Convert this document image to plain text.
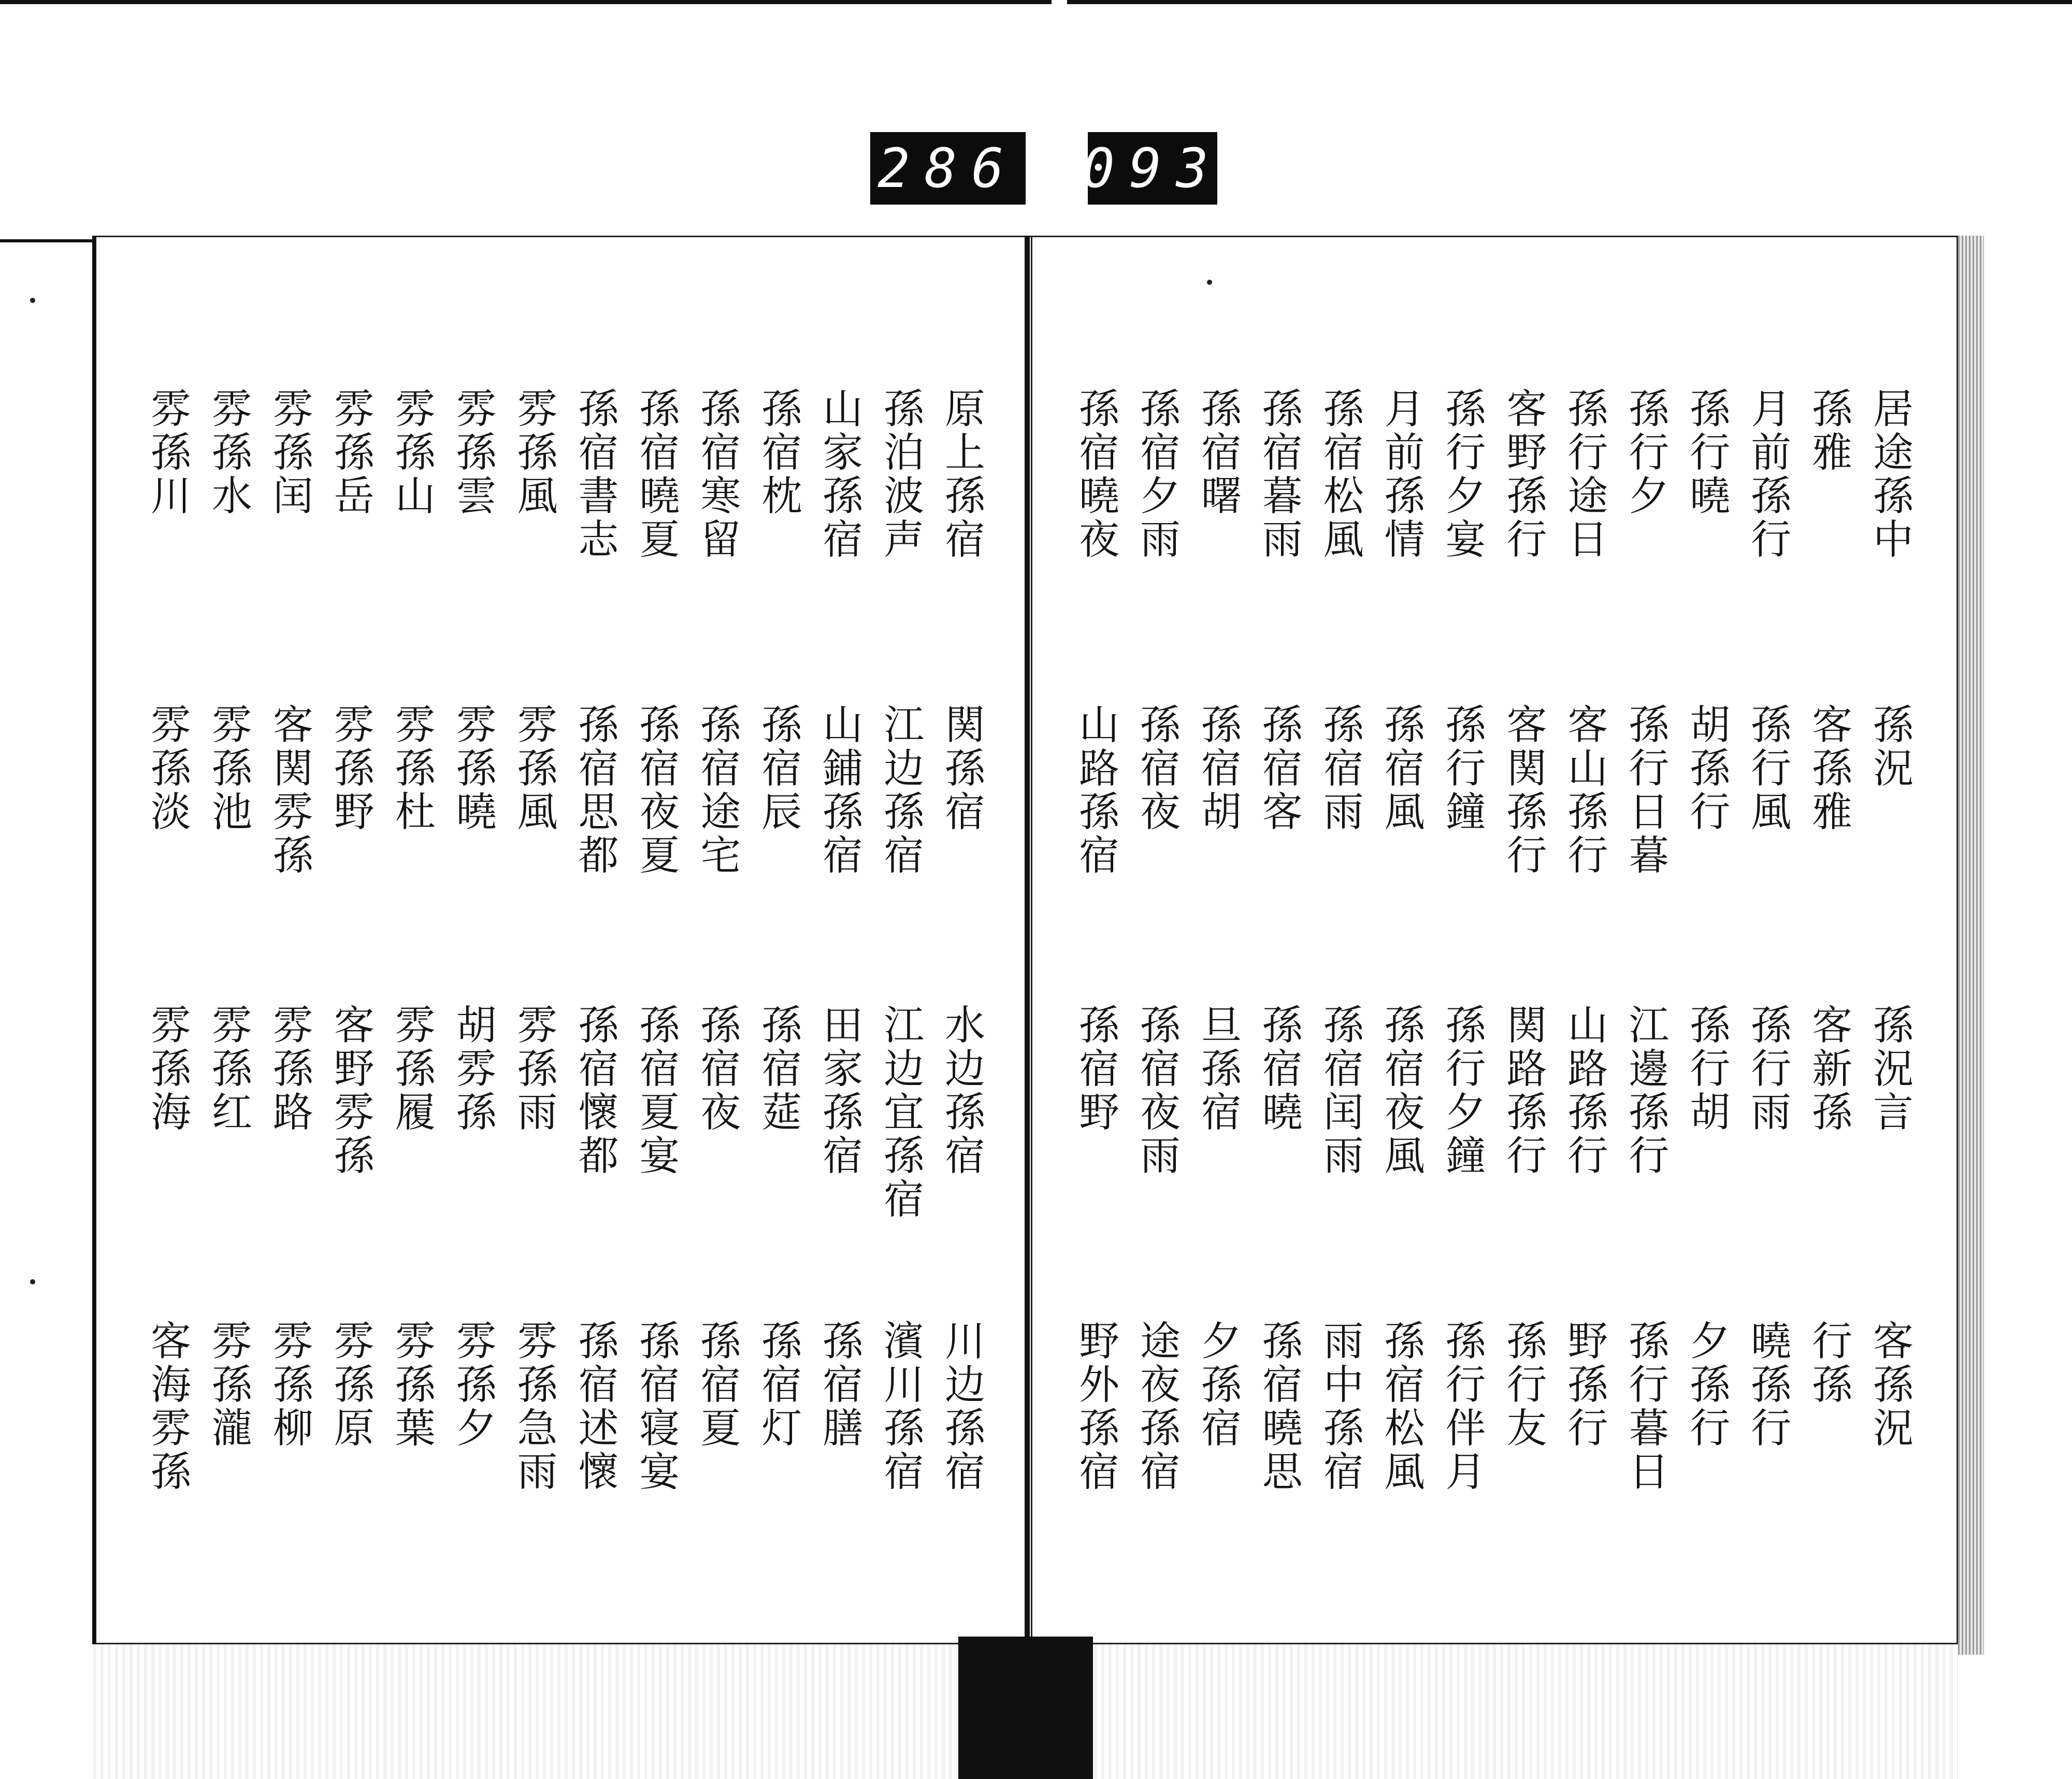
286 093
原上孫宿
孫泊波声
山家孫宿
孫宿枕
孫宿寒留
孫宿曉夏
孫宿書志
雰孫風
雰孫雲
雰孫山
雰孫岳
雰孫闰
雰孫水
雰孫川
関孫宿
江边孫宿
山鋪孫宿
孫宿辰
孫宿途宅
孫宿夜夏
孫宿思都
雰孫風
雰孫曉
雰孫杜
雰孫野
客関雰孫
雰孫池
雰孫淡
水边孫宿
江边宜孫宿
田家孫宿
孫宿莚
孫宿夜
孫宿夏宴
孫宿懷都
雰孫雨
胡雰孫
雰孫履
客野雰孫
雰孫路
雰孫红
雰孫海
川边孫宿
濱川孫宿
孫宿膳
孫宿灯
孫宿夏
孫宿寝宴
孫宿述懷
雰孫急雨
雰孫夕
雰孫葉
雰孫原
雰孫柳
雰孫瀧
客海雰孫
居途孫中
孫雅
月前孫行
孫行曉
孫行夕
孫行途日
客野孫行
孫行夕宴
月前孫情
孫宿松風
孫宿暮雨
孫宿曙
孫宿夕雨
孫宿曉夜
孫況
客孫雅
孫行風
胡孫行
孫行日暮
客山孫行
客関孫行
孫行鐘
孫宿風
孫宿雨
孫宿客
孫宿胡
孫宿夜
山路孫宿
孫況言
客新孫
孫行雨
孫行胡
江邊孫行
山路孫行
関路孫行
孫行夕鐘
孫宿夜風
孫宿闰雨
孫宿曉
旦孫宿
孫宿夜雨
孫宿野
客孫況
行孫
曉孫行
夕孫行
孫行暮日
野孫行
孫行友
孫行伴月
孫宿松風
雨中孫宿
孫宿曉思
夕孫宿
途夜孫宿
野外孫宿
